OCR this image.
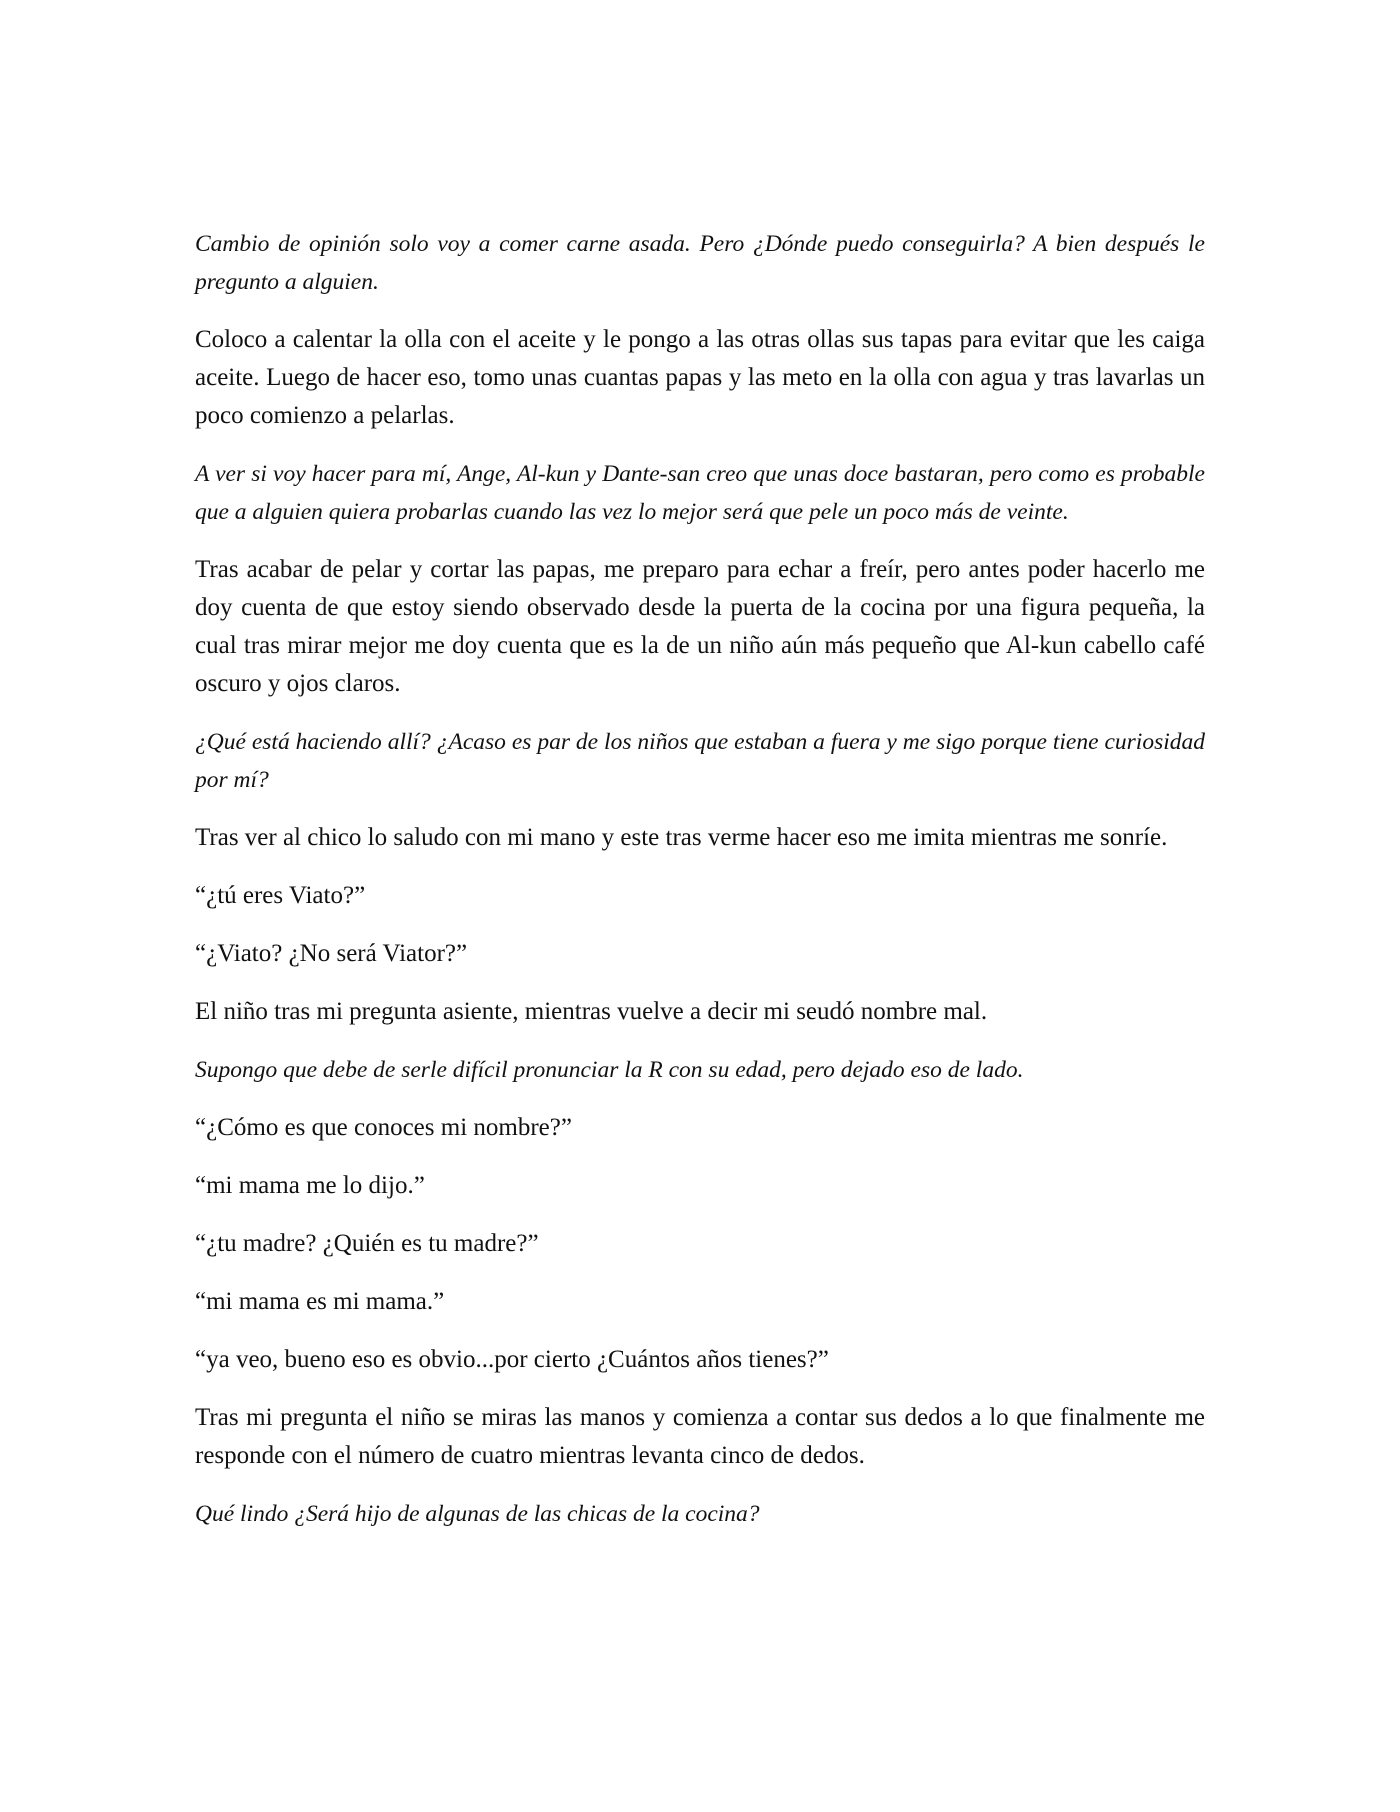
Cambio de opinión solo voy a comer carne asada. Pero ¿Dónde puedo conseguirla? A bien después le pregunto a alguien.

Coloco a calentar la olla con el aceite y le pongo a las otras ollas sus tapas para evitar que les caiga aceite. Luego de hacer eso, tomo unas cuantas papas y las meto en la olla con agua y tras lavarlas un poco comienzo a pelarlas.

A ver si voy hacer para mí, Ange, Al-kun y Dante-san creo que unas doce bastaran, pero como es probable que a alguien quiera probarlas cuando las vez lo mejor será que pele un poco más de veinte.

Tras acabar de pelar y cortar las papas, me preparo para echar a freír, pero antes poder hacerlo me doy cuenta de que estoy siendo observado desde la puerta de la cocina por una figura pequeña, la cual tras mirar mejor me doy cuenta que es la de un niño aún más pequeño que Al-kun cabello café oscuro y ojos claros.

¿Qué está haciendo allí? ¿Acaso es par de los niños que estaban a fuera y me sigo porque tiene curiosidad por mí?

Tras ver al chico lo saludo con mi mano y este tras verme hacer eso me imita mientras me sonríe.

“¿tú eres Viato?”

“¿Viato? ¿No será Viator?”

El niño tras mi pregunta asiente, mientras vuelve a decir mi seudó nombre mal.

Supongo que debe de serle difícil pronunciar la R con su edad, pero dejado eso de lado.

“¿Cómo es que conoces mi nombre?”

“mi mama me lo dijo.”

“¿tu madre? ¿Quién es tu madre?”

“mi mama es mi mama.”

“ya veo, bueno eso es obvio...por cierto ¿Cuántos años tienes?”

Tras mi pregunta el niño se miras las manos y comienza a contar sus dedos a lo que finalmente me responde con el número de cuatro mientras levanta cinco de dedos.

Qué lindo ¿Será hijo de algunas de las chicas de la cocina?
